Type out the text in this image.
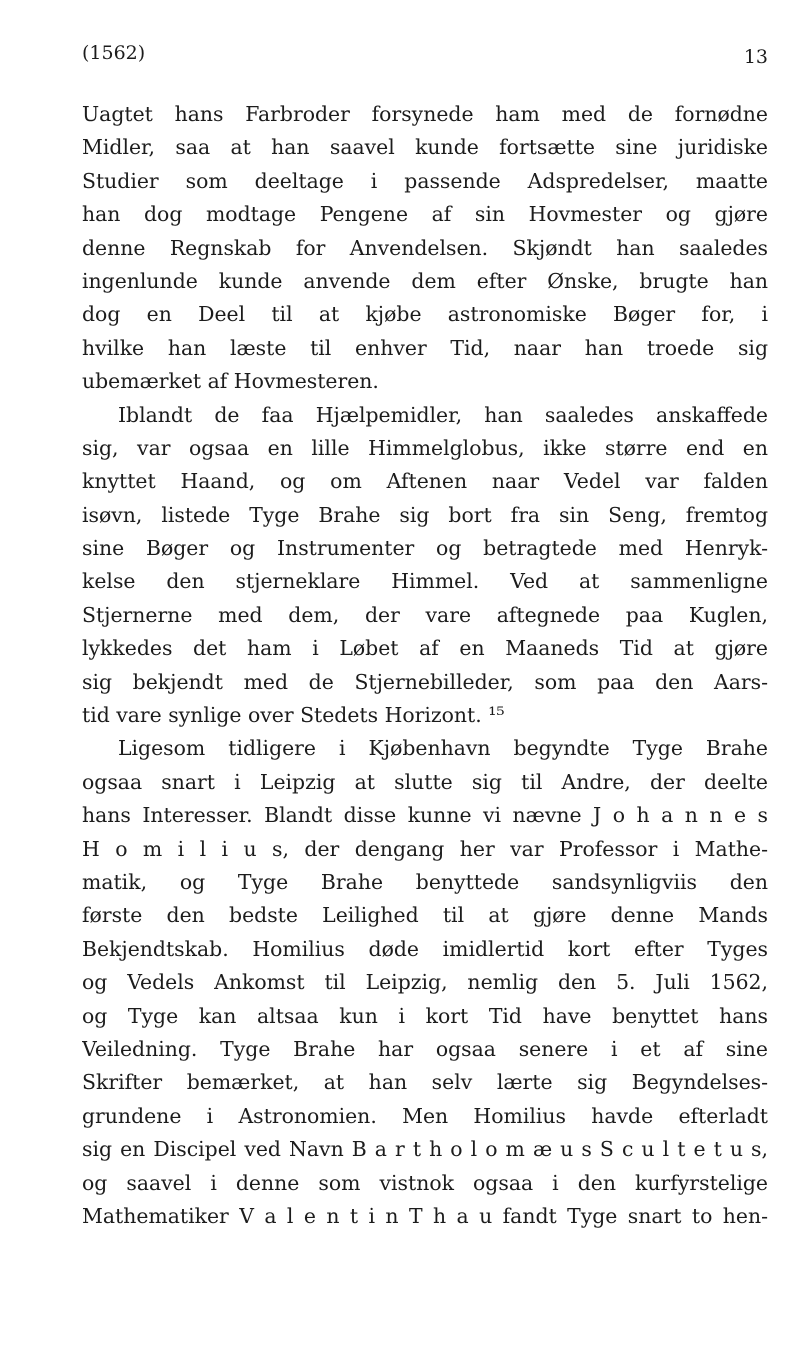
(1562)	13
Uagtet hans Farbroder forsynede ham med de fornødne
Midler, saa at han saavel kunde fortsætte sine juridiske
Studier som deeltage i passende Adspredelser, maatte
han dog modtage Pengene af sin Hovmester og gjøre
denne Regnskab for Anvendelsen. Skjøndt han saaledes
ingenlunde kunde anvende dem efter Ønske, brugte han
dog en Deel til at kjøbe astronomiske Bøger for, i
hvilke han læste til enhver Tid, naar han troede sig
ubemærket af Hovmesteren.
Iblandt de faa Hjælpemidler, han saaledes anskaffede
sig, var ogsaa en lille Himmelglobus, ikke større end en
knyttet Haand, og om Aftenen naar Vedel var falden
isøvn, listede Tyge Brahe sig bort fra sin Seng, fremtog
sine Bøger og Instrumenter og betragtede med Henryk-
kelse den stjerneklare Himmel. Ved at sammenligne
Stjernerne med dem, der vare aftegnede paa Kuglen,
lykkedes det ham i Løbet af en Maaneds Tid at gjøre
sig bekjendt med de Stjernebilleder, som paa den Aars-
tid vare synlige over Stedets Horizont. ¹⁵
Ligesom tidligere i Kjøbenhavn begyndte Tyge Brahe
ogsaa snart i Leipzig at slutte sig til Andre, der deelte
hans Interesser. Blandt disse kunne vi nævne J o h a n n e s
H o m i l i u s, der dengang her var Professor i Mathe-
matik, og Tyge Brahe benyttede sandsynligviis den
første den bedste Leilighed til at gjøre denne Mands
Bekjendtskab. Homilius døde imidlertid kort efter Tyges
og Vedels Ankomst til Leipzig, nemlig den 5. Juli 1562,
og Tyge kan altsaa kun i kort Tid have benyttet hans
Veiledning. Tyge Brahe har ogsaa senere i et af sine
Skrifter bemærket, at han selv lærte sig Begyndelses-
grundene i Astronomien. Men Homilius havde efterladt
sig en Discipel ved Navn B a r t h o l o m æ u s S c u l t e t u s,
og saavel i denne som vistnok ogsaa i den kurfyrstelige
Mathematiker V a l e n t i n T h a u fandt Tyge snart to hen-
